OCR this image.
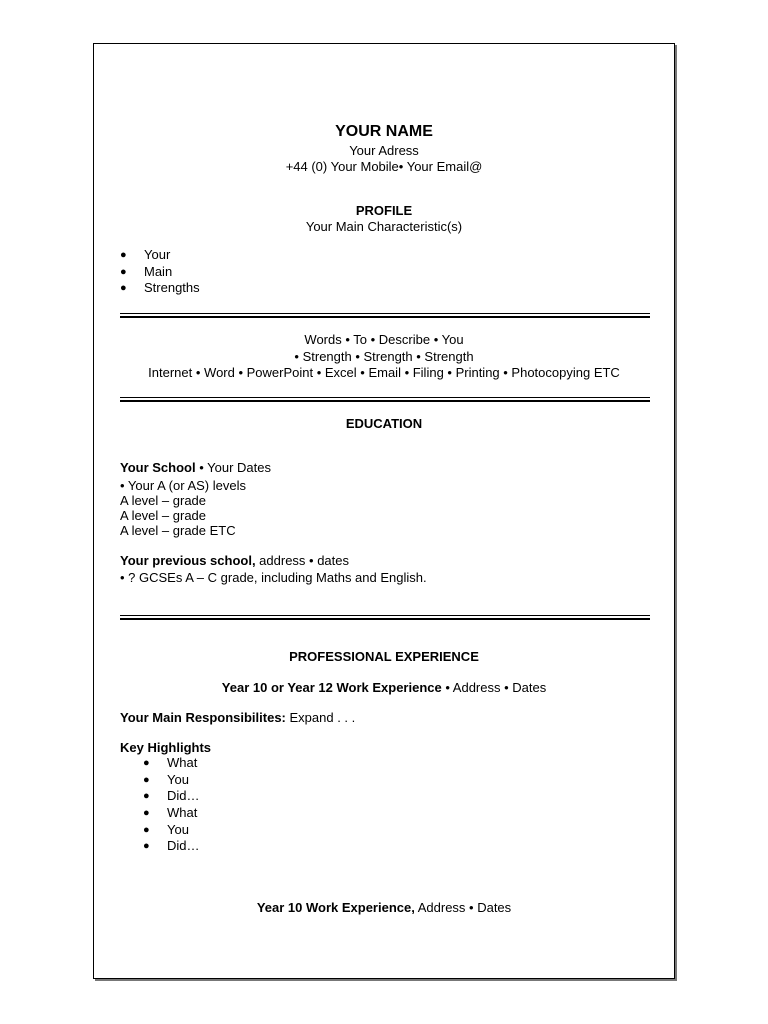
YOUR NAME
Your Adress
+44 (0) Your Mobile• Your Email@
PROFILE
Your Main Characteristic(s)
● Your
● Main
● Strengths
Words • To • Describe • You
• Strength • Strength • Strength
Internet • Word • PowerPoint • Excel • Email • Filing • Printing • Photocopying ETC
EDUCATION
Your School • Your Dates
• Your A (or AS) levels
A level – grade
A level – grade
A level – grade ETC
Your previous school, address • dates
• ? GCSEs A – C grade, including Maths and English.
PROFESSIONAL EXPERIENCE
Year 10 or Year 12 Work Experience • Address • Dates
Your Main Responsibilites: Expand . . .
Key Highlights
● What
● You
● Did…
● What
● You
● Did…
Year 10 Work Experience, Address • Dates
